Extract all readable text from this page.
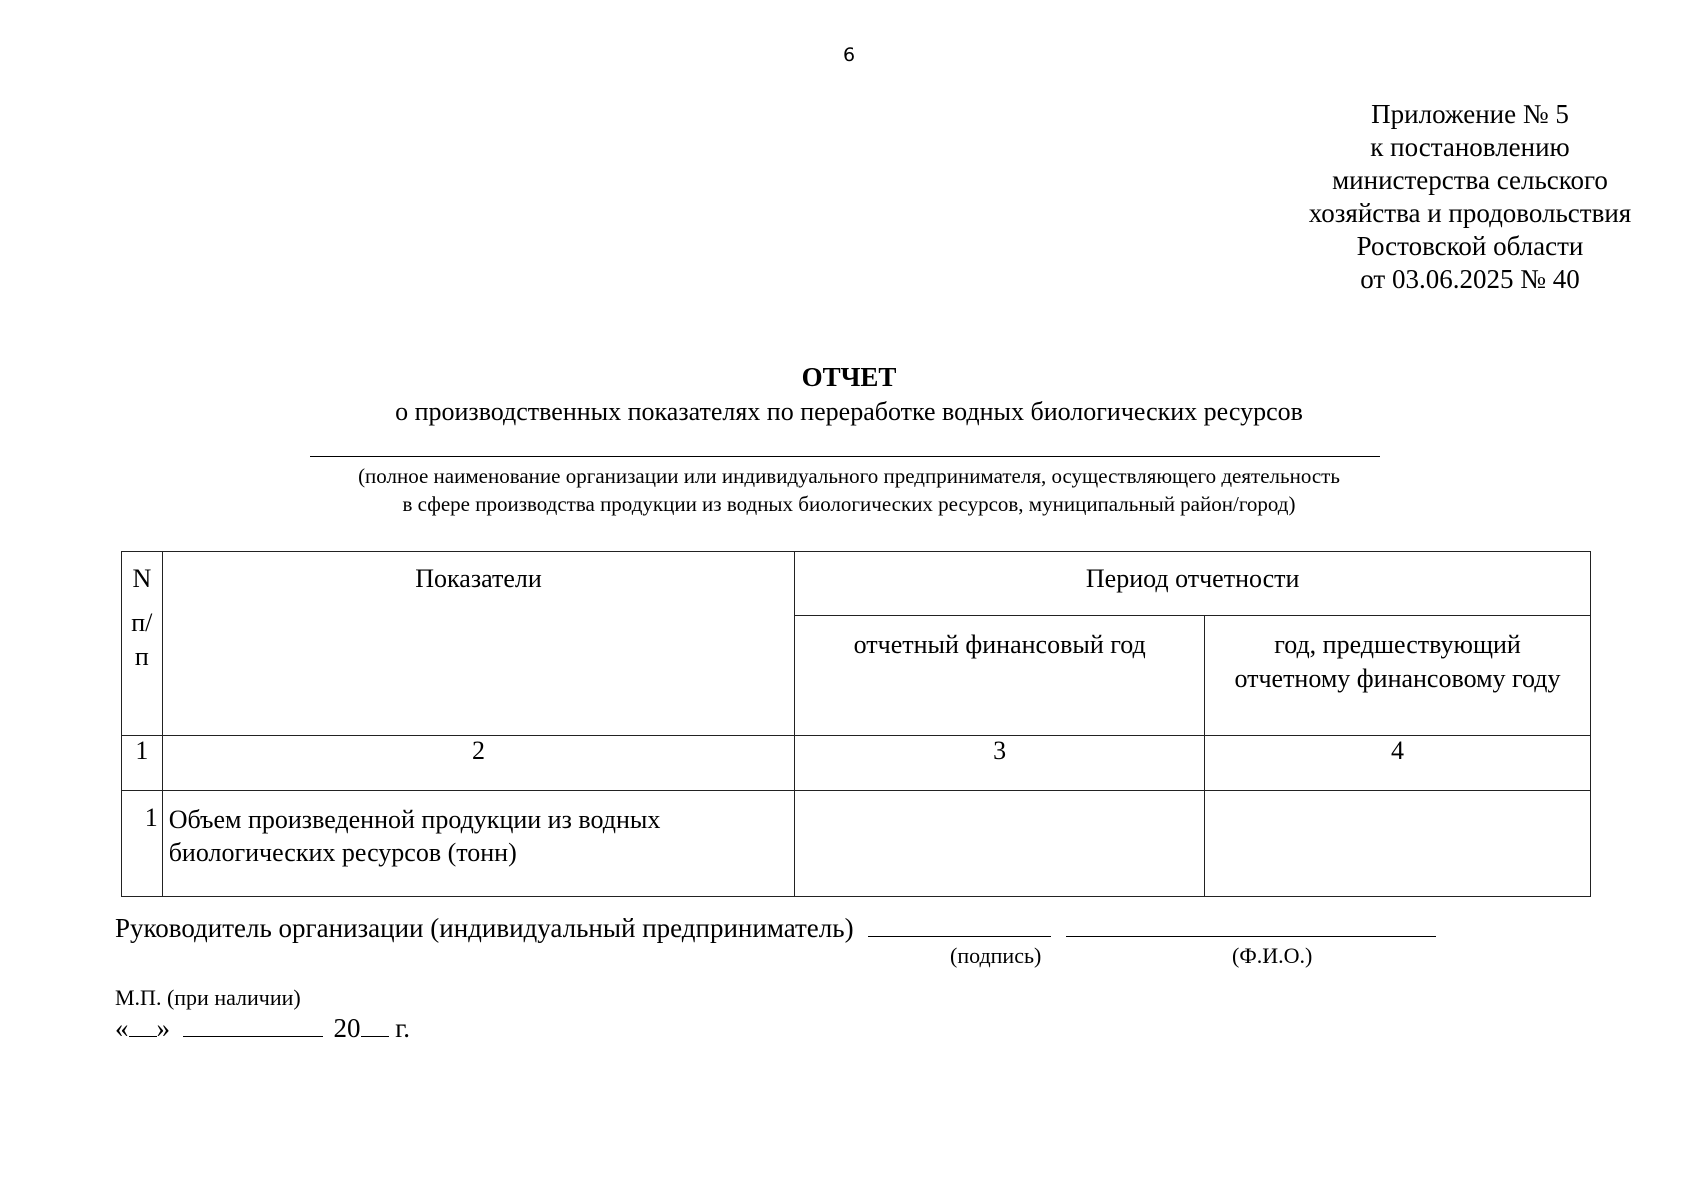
6
Приложение № 5
к постановлению
министерства сельского
хозяйства и продовольствия
Ростовской области
от 03.06.2025 № 40
ОТЧЕТ
о производственных показателях по переработке водных биологических ресурсов
(полное наименование организации или индивидуального предпринимателя, осуществляющего деятельность
в сфере производства продукции из водных биологических ресурсов, муниципальный район/город)
N
п/
п	Показатели	Период отчетности	
		отчетный финансовый год	год, предшествующий
отчетному финансовому году

1	2	3	4
1	Объем произведенной продукции из водных
биологических ресурсов (тонн)		

Руководитель организации (индивидуальный предприниматель)
(подпись)	(Ф.И.О.)
М.П. (при наличии)
« »	20 г.
